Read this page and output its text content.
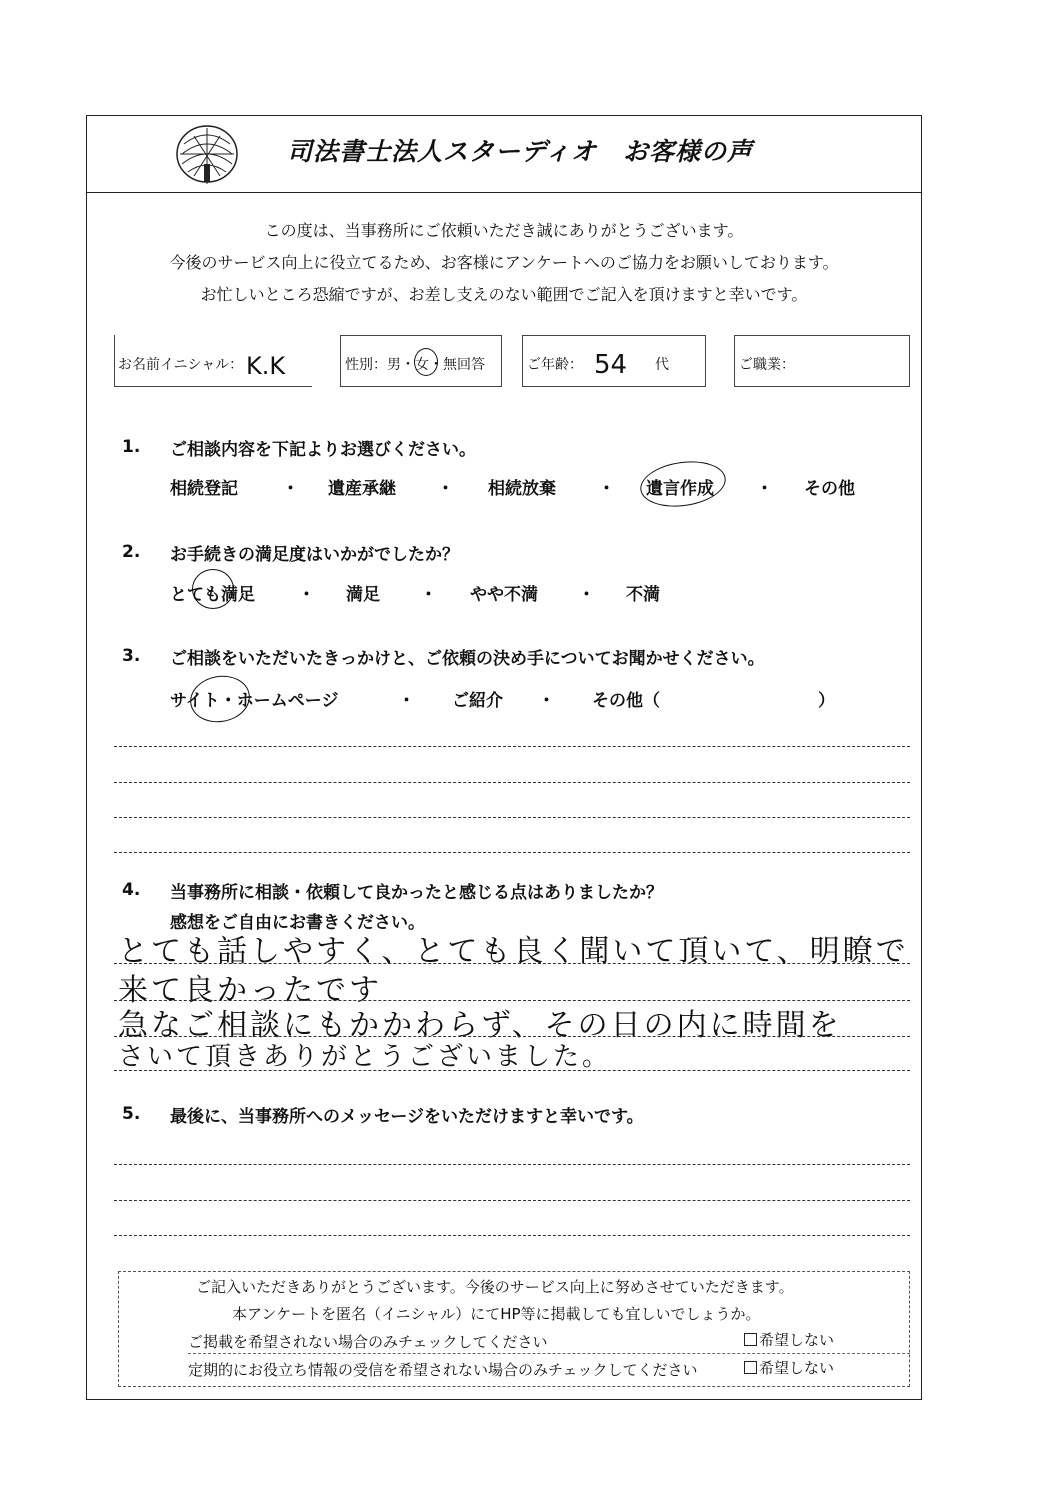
司法書士法人スターディオ　お客様の声
この度は、当事務所にご依頼いただき誠にありがとうございます。
今後のサービス向上に役立てるため、お客様にアンケートへのご協力をお願いしております。
お忙しいところ恐縮ですが、お差し支えのない範囲でご記入を頂けますと幸いです。
お名前イニシャル： K.K	性別：男・女・無回答	ご年齢： 54 代	ご職業：
1. ご相談内容を下記よりお選びください。
相続登記	・ 遺産承継 ・ 相続放棄 ・ 遺言作成 ・ その他
2. お手続きの満足度はいかがでしたか？
とても満足	・ 満足 ・ やや不満 ・ 不満
3. ご相談をいただいたきっかけと、ご依頼の決め手についてお聞かせください。
サイト・ホームページ	・ ご紹介 ・ その他（	）
4. 当事務所に相談・依頼して良かったと感じる点はありましたか？
感想をご自由にお書きください。
とても話しやすく、とても良く聞いて頂いて、明瞭で
来て良かったです
急なご相談にもかかわらず、その日の内に時間を
さいて頂きありがとうございました。
5. 最後に、当事務所へのメッセージをいただけますと幸いです。
ご記入いただきありがとうございます。今後のサービス向上に努めさせていただきます。
本アンケートを匿名（イニシャル）にてHP等に掲載しても宜しいでしょうか。
ご掲載を希望されない場合のみチェックしてください	希望しない
定期的にお役立ち情報の受信を希望されない場合のみチェックしてください	希望しない
